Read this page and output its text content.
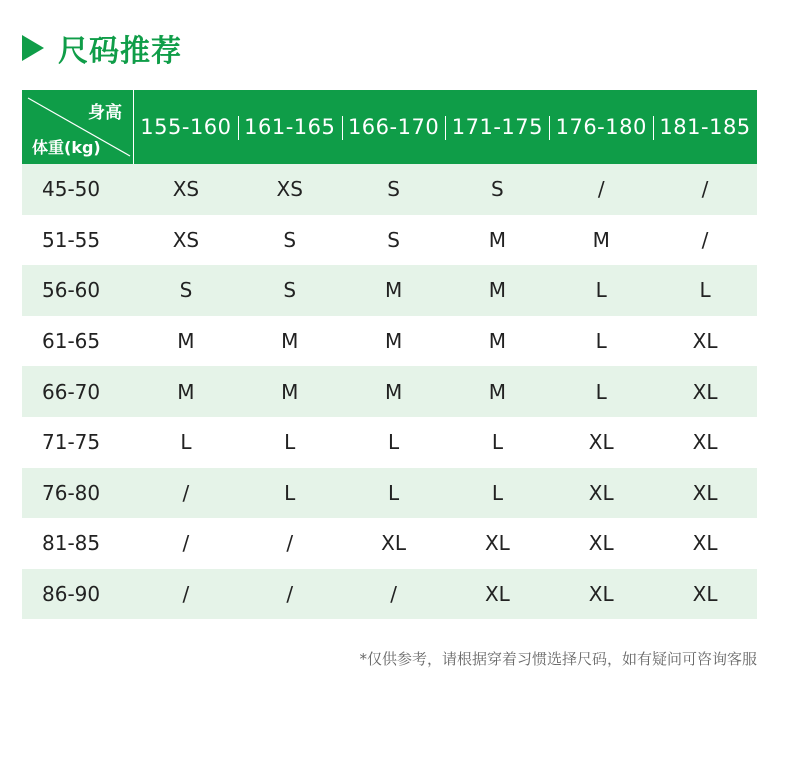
尺码推荐
身高
体重(kg)
155-160 161-165 166-170 171-175 176-180 181-185
45-50	XS	XS	S	S	/	/
51-55	XS	S	S	M	M	/
56-60	S	S	M	M	L	L
61-65	M	M	M	M	L	XL
66-70	M	M	M	M	L	XL
71-75	L	L	L	L	XL	XL
76-80	/	L	L	L	XL	XL
81-85	/	/	XL	XL	XL	XL
86-90	/	/	/	XL	XL	XL
*仅供参考，请根据穿着习惯选择尺码，如有疑问可咨询客服
